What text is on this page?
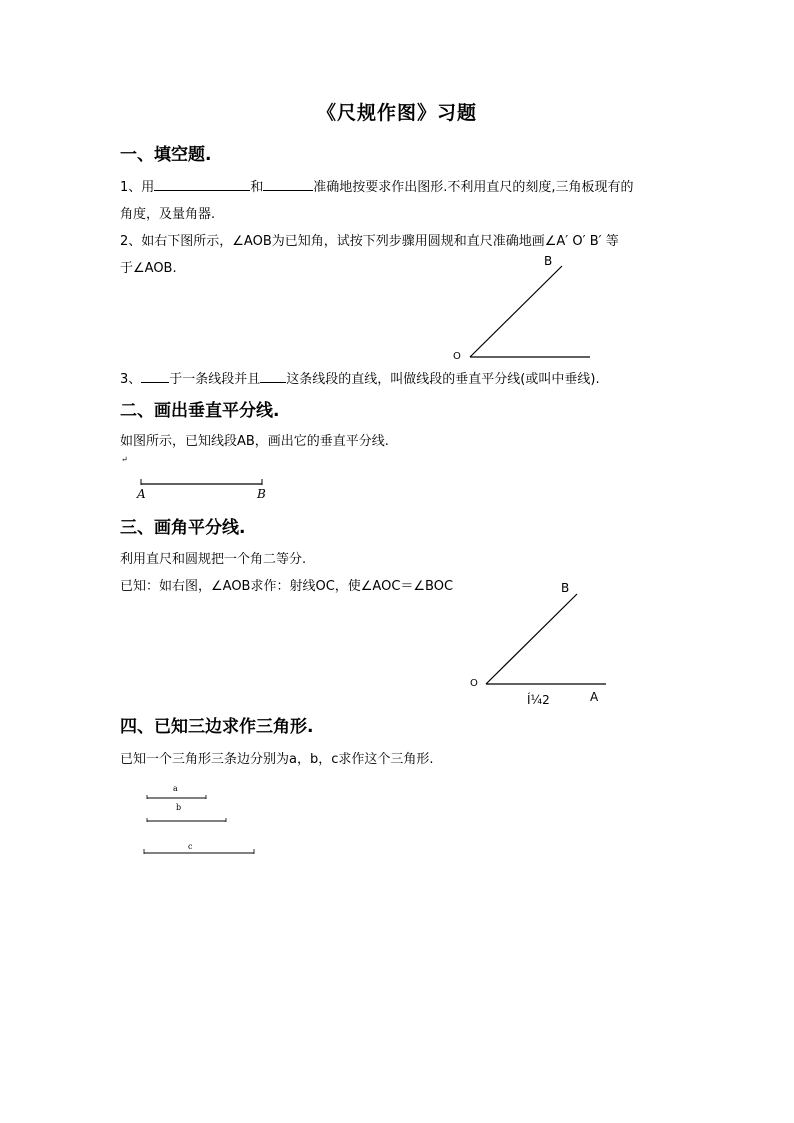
《尺规作图》习题
一、填空题.
1、用	和	准确地按要求作出图形.不利用直尺的刻度,三角板现有的
角度，及量角器.
2、如右下图所示，∠AOB为已知角，试按下列步骤用圆规和直尺准确地画∠A′ O′ B′ 等
于∠AOB.
3、 于一条线段并且 这条线段的直线，叫做线段的垂直平分线(或叫中垂线).
二、画出垂直平分线.
如图所示，已知线段AB，画出它的垂直平分线.
↵
三、画角平分线.
利用直尺和圆规把一个角二等分.
已知：如右图，∠AOB求作：射线OC，使∠AOC＝∠BOC
四、已知三边求作三角形.
已知一个三角形三条边分别为a，b，c求作这个三角形.
B
O
A	B
B
O
A
Í¼2
a
b
c
